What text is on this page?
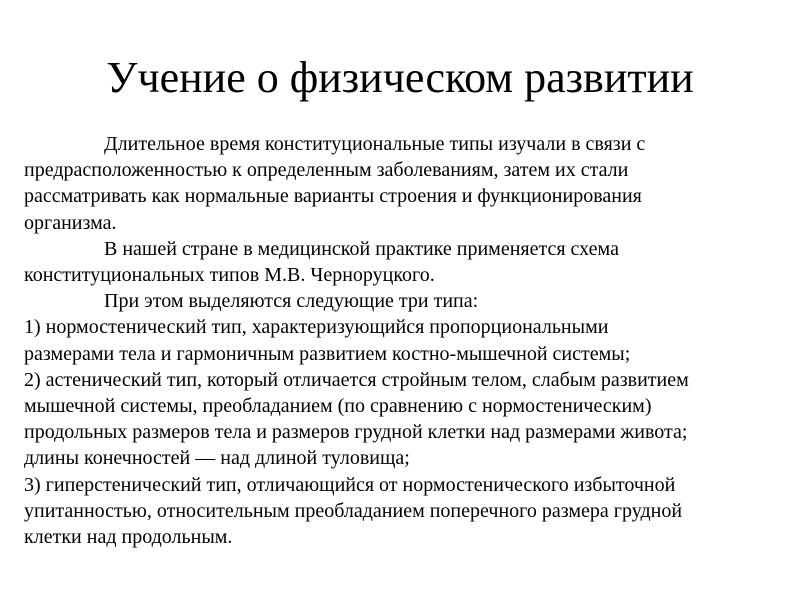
Учение о физическом развитии

Длительное время конституциональные типы изучали в связи с
предрасположенностью к определенным заболеваниям, затем их стали
рассматривать как нормальные варианты строения и функционирования
организма.

В нашей стране в медицинской практике применяется схема
конституциональных типов М.В. Черноруцкого.

При этом выделяются следующие три типа:

1) нормостенический тип, характеризующийся пропорциональными
размерами тела и гармоничным развитием костно-мышечной системы;

2) астенический тип, который отличается стройным телом, слабым развитием
мышечной системы, преобладанием (по сравнению с нормостеническим)
продольных размеров тела и размеров грудной клетки над размерами живота;
длины конечностей — над длиной туловища;

3) гиперстенический тип, отличающийся от нормостенического избыточной
упитанностью, относительным преобладанием поперечного размера грудной
клетки над продольным.
